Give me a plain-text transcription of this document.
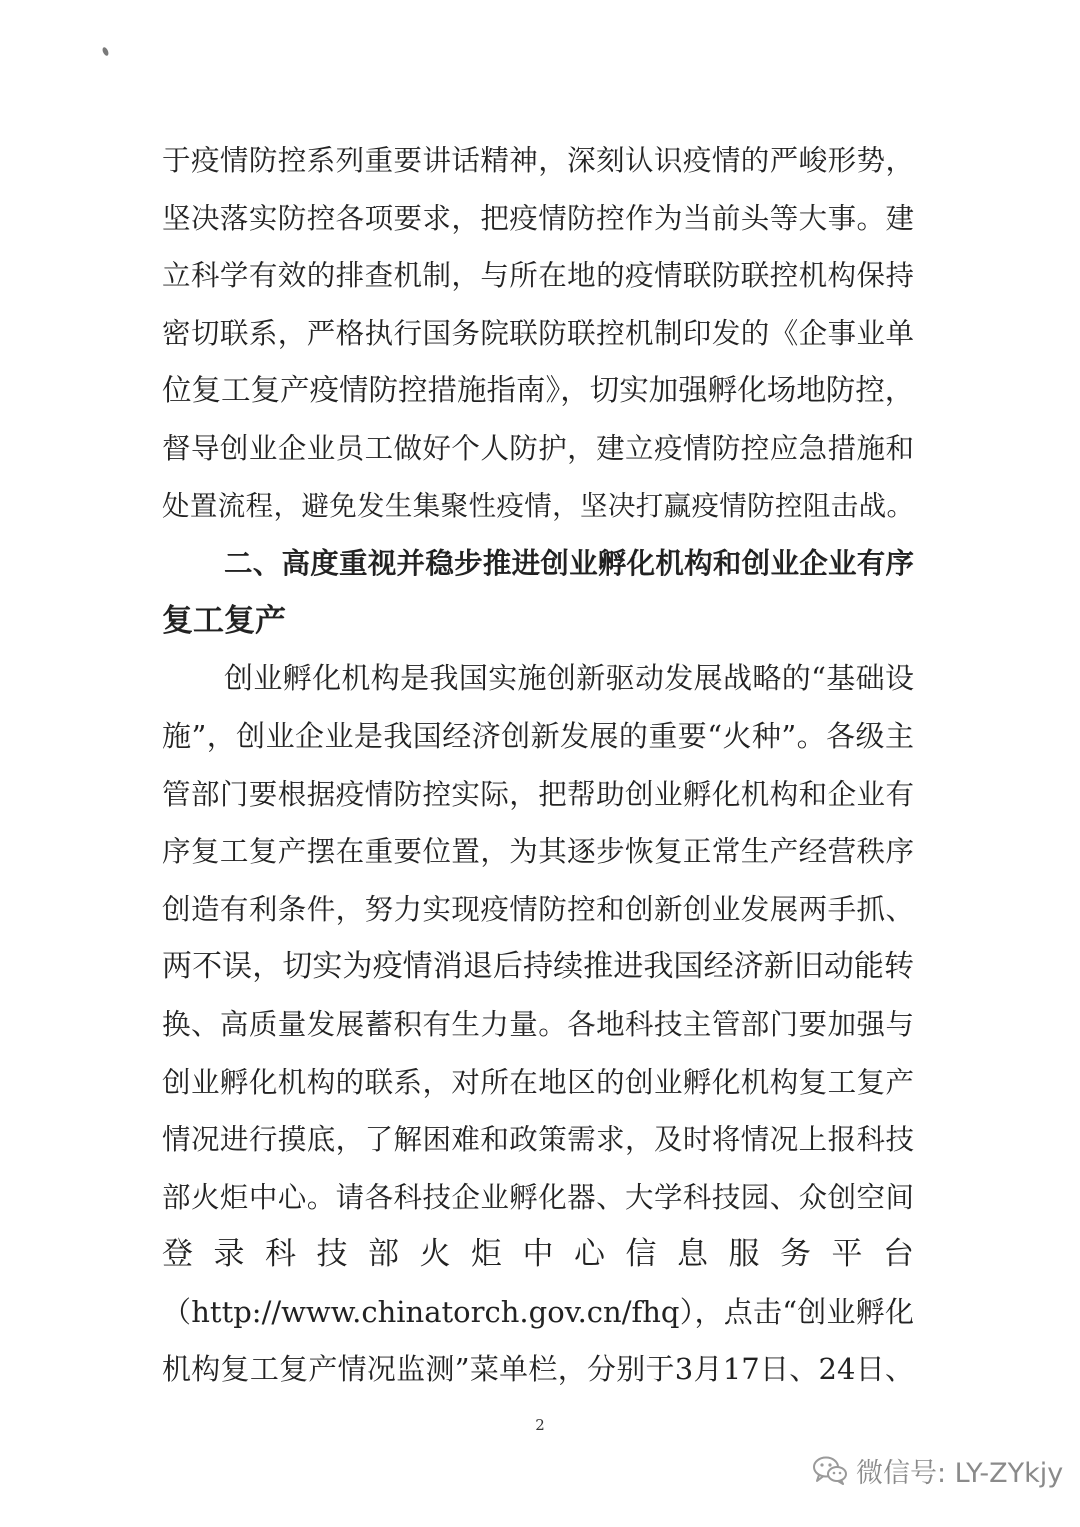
于疫情防控系列重要讲话精神，深刻认识疫情的严峻形势，
坚决落实防控各项要求，把疫情防控作为当前头等大事。建
立科学有效的排查机制，与所在地的疫情联防联控机构保持
密切联系，严格执行国务院联防联控机制印发的《企事业单
位复工复产疫情防控措施指南》，切实加强孵化场地防控，
督导创业企业员工做好个人防护，建立疫情防控应急措施和
处置流程，避免发生集聚性疫情，坚决打赢疫情防控阻击战。
二、高度重视并稳步推进创业孵化机构和创业企业有序
复工复产
创业孵化机构是我国实施创新驱动发展战略的“基础设
施”，创业企业是我国经济创新发展的重要“火种”。各级主
管部门要根据疫情防控实际，把帮助创业孵化机构和企业有
序复工复产摆在重要位置，为其逐步恢复正常生产经营秩序
创造有利条件，努力实现疫情防控和创新创业发展两手抓、
两不误，切实为疫情消退后持续推进我国经济新旧动能转
换、高质量发展蓄积有生力量。各地科技主管部门要加强与
创业孵化机构的联系，对所在地区的创业孵化机构复工复产
情况进行摸底，了解困难和政策需求，及时将情况上报科技
部火炬中心。请各科技企业孵化器、大学科技园、众创空间
登录科技部火炬中心信息服务平台
（http://www.chinatorch.gov.cn/fhq），点击“创业孵化
机构复工复产情况监测”菜单栏，分别于3月17日、24日、
2
微信号: LY-ZYkjy
